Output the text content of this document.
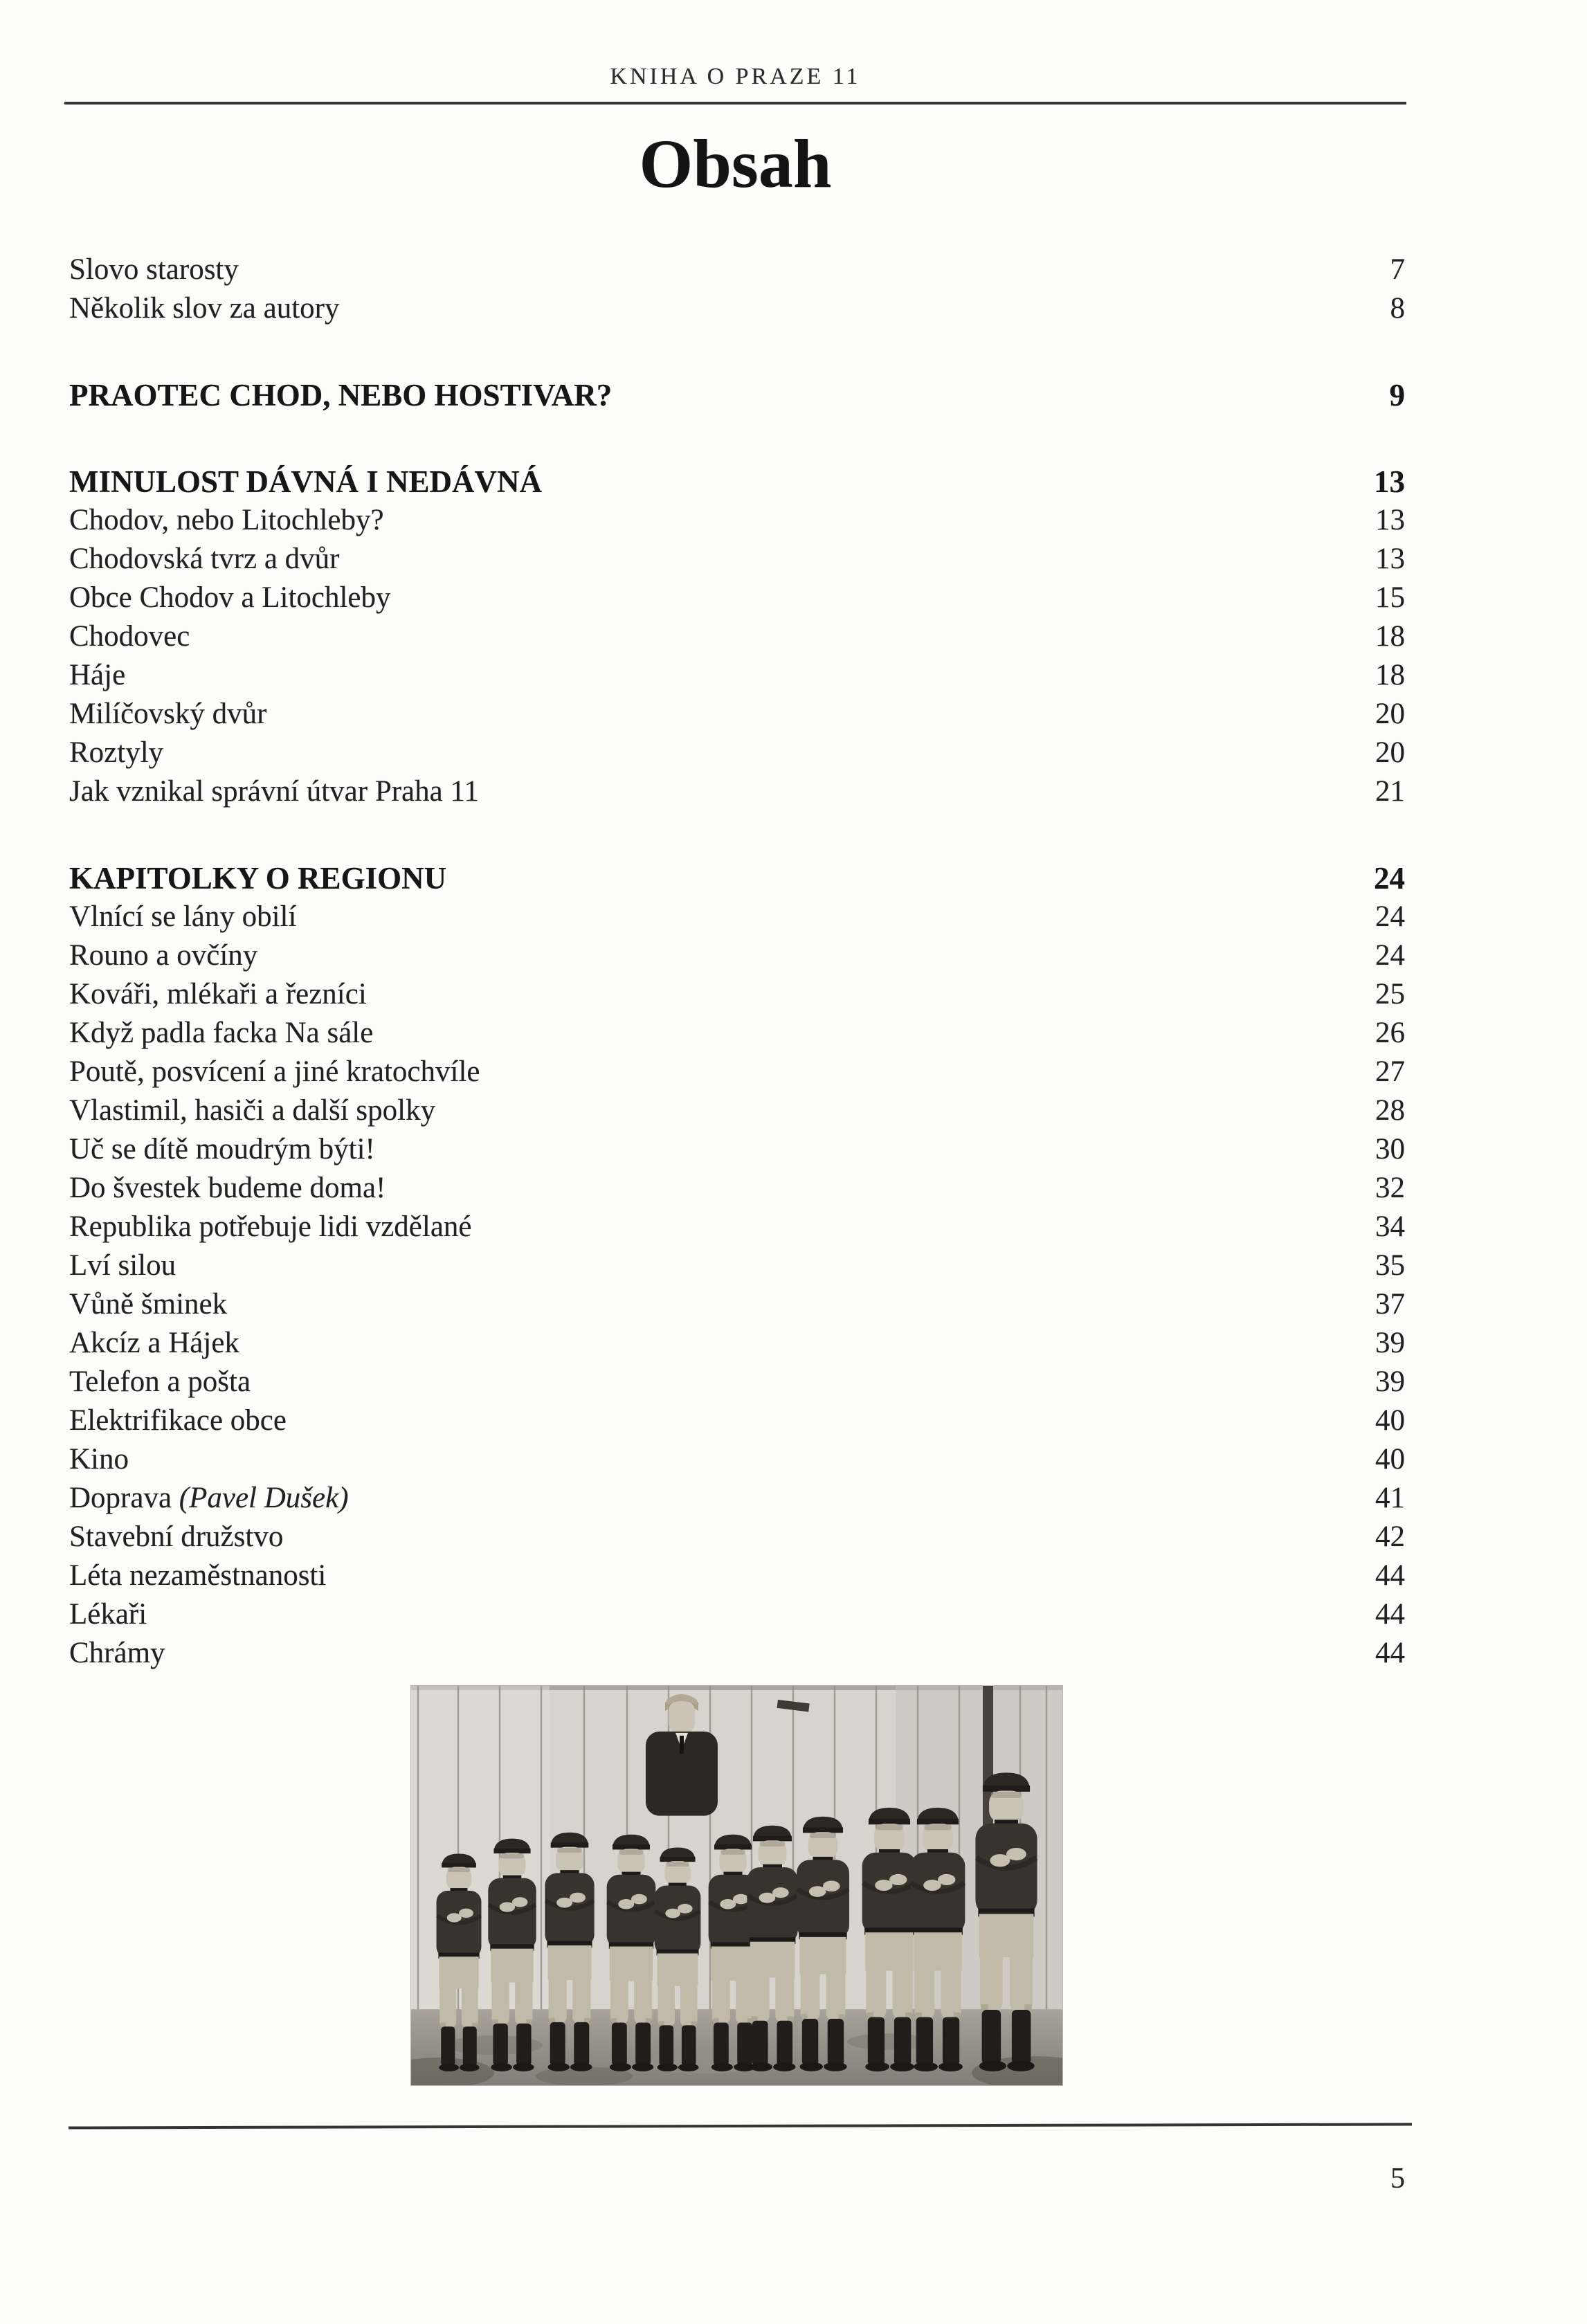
KNIHA O PRAZE 11
Obsah
Slovo starosty	7
Několik slov za autory	8
PRAOTEC CHOD, NEBO HOSTIVAR?	9
MINULOST DÁVNÁ I NEDÁVNÁ	13
Chodov, nebo Litochleby?	13
Chodovská tvrz a dvůr	13
Obce Chodov a Litochleby	15
Chodovec	18
Háje	18
Milíčovský dvůr	20
Roztyly	20
Jak vznikal správní útvar Praha 11	21
KAPITOLKY O REGIONU	24
Vlnící se lány obilí	24
Rouno a ovčíny	24
Kováři, mlékaři a řezníci	25
Když padla facka Na sále	26
Poutě, posvícení a jiné kratochvíle	27
Vlastimil, hasiči a další spolky	28
Uč se dítě moudrým býti!	30
Do švestek budeme doma!	32
Republika potřebuje lidi vzdělané	34
Lví silou	35
Vůně šminek	37
Akcíz a Hájek	39
Telefon a pošta	39
Elektrifikace obce	40
Kino	40
Doprava (Pavel Dušek)	41
Stavební družstvo	42
Léta nezaměstnanosti	44
Lékaři	44
Chrámy	44
5
